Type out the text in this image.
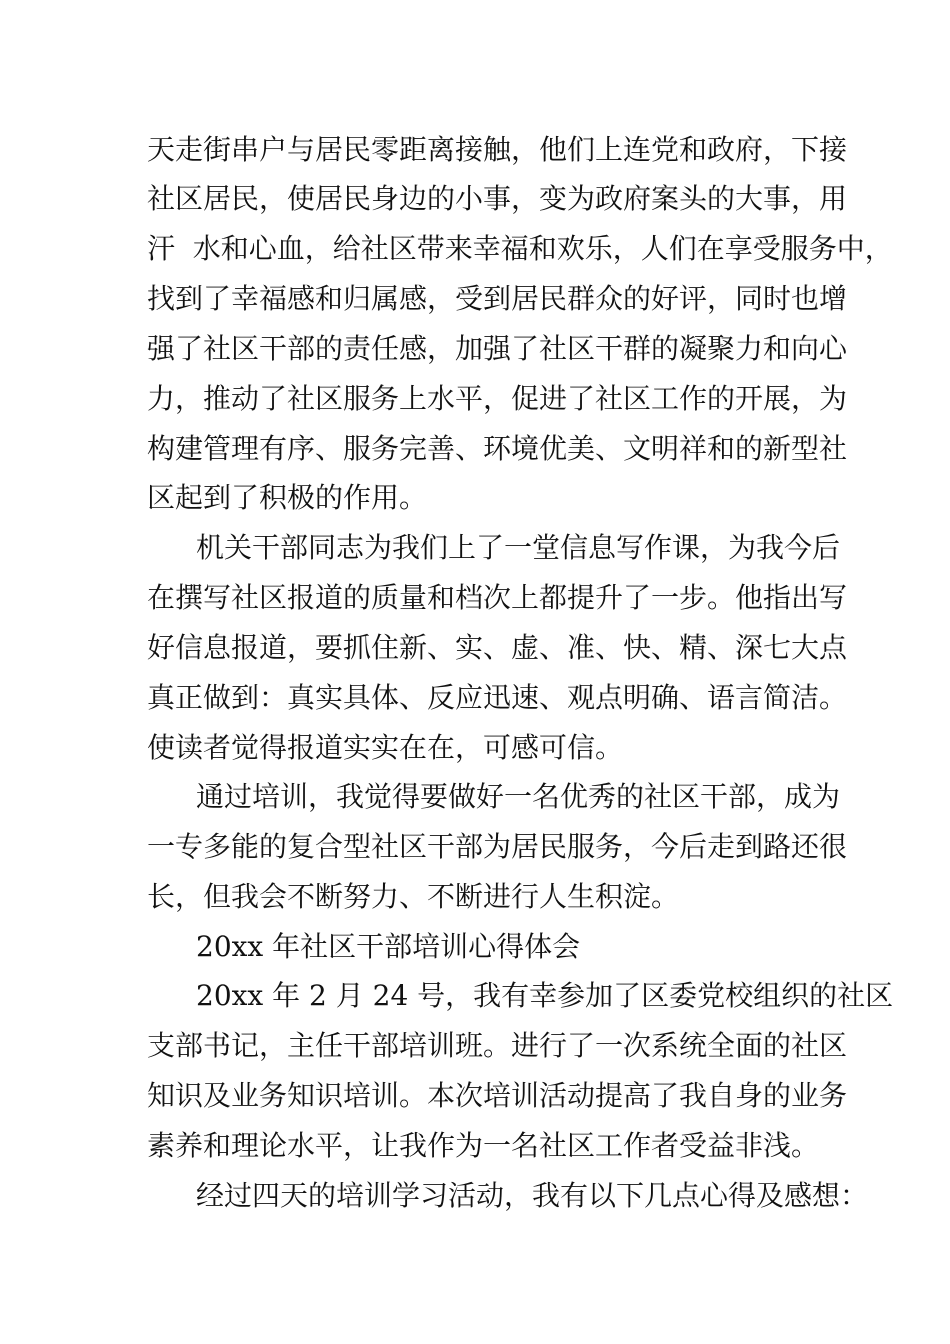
天走街串户与居民零距离接触，他们上连党和政府，下接
社区居民，使居民身边的小事，变为政府案头的大事，用
汗  水和心血，给社区带来幸福和欢乐，人们在享受服务中，
找到了幸福感和归属感，受到居民群众的好评，同时也增
强了社区干部的责任感，加强了社区干群的凝聚力和向心
力，推动了社区服务上水平，促进了社区工作的开展，为
构建管理有序、服务完善、环境优美、文明祥和的新型社
区起到了积极的作用。
机关干部同志为我们上了一堂信息写作课，为我今后
在撰写社区报道的质量和档次上都提升了一步。他指出写
好信息报道，要抓住新、实、虚、准、快、精、深七大点
真正做到：真实具体、反应迅速、观点明确、语言简洁。
使读者觉得报道实实在在，可感可信。
通过培训，我觉得要做好一名优秀的社区干部，成为
一专多能的复合型社区干部为居民服务，今后走到路还很
长，但我会不断努力、不断进行人生积淀。
20xx 年社区干部培训心得体会
20xx 年 2 月 24 号，我有幸参加了区委党校组织的社区
支部书记，主任干部培训班。进行了一次系统全面的社区
知识及业务知识培训。本次培训活动提高了我自身的业务
素养和理论水平，让我作为一名社区工作者受益非浅。
经过四天的培训学习活动，我有以下几点心得及感想：
